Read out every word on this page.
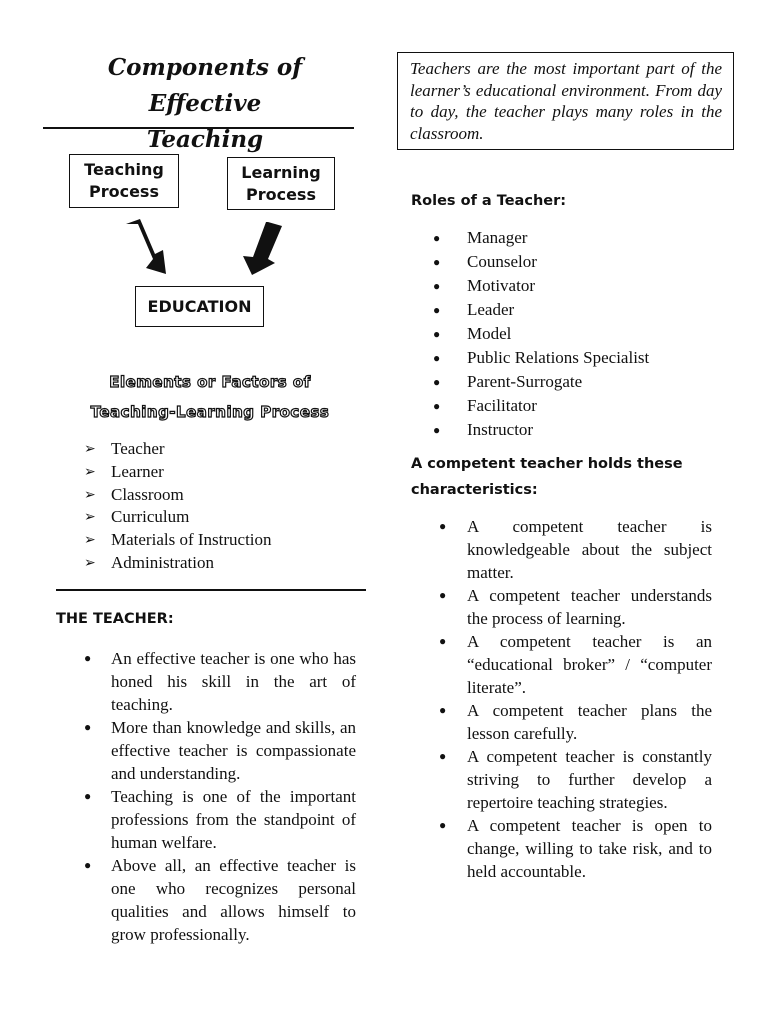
Components of Effective
Teaching
Teaching
Process
Learning
Process
EDUCATION
Elements or Factors of
Teaching-Learning Process
➢ Teacher
➢ Learner
➢ Classroom
➢ Curriculum
➢ Materials of Instruction
➢ Administration
THE TEACHER:
● An effective teacher is one who has honed his skill in the art of teaching.
● More than knowledge and skills, an effective teacher is compassionate and understanding.
● Teaching is one of the important professions from the standpoint of human welfare.
● Above all, an effective teacher is one who recognizes personal qualities and allows himself to grow professionally.
Teachers are the most important part of the learner’s educational environment. From day to day, the teacher plays many roles in the classroom.
Roles of a Teacher:
● Manager
● Counselor
● Motivator
● Leader
● Model
● Public Relations Specialist
● Parent-Surrogate
● Facilitator
● Instructor
A competent teacher holds these
characteristics:
● A competent teacher is knowledgeable about the subject matter.
● A competent teacher understands the process of learning.
● A competent teacher is an “educational broker” / “computer literate”.
● A competent teacher plans the lesson carefully.
● A competent teacher is constantly striving to further develop a repertoire teaching strategies.
● A competent teacher is open to change, willing to take risk, and to held accountable.
